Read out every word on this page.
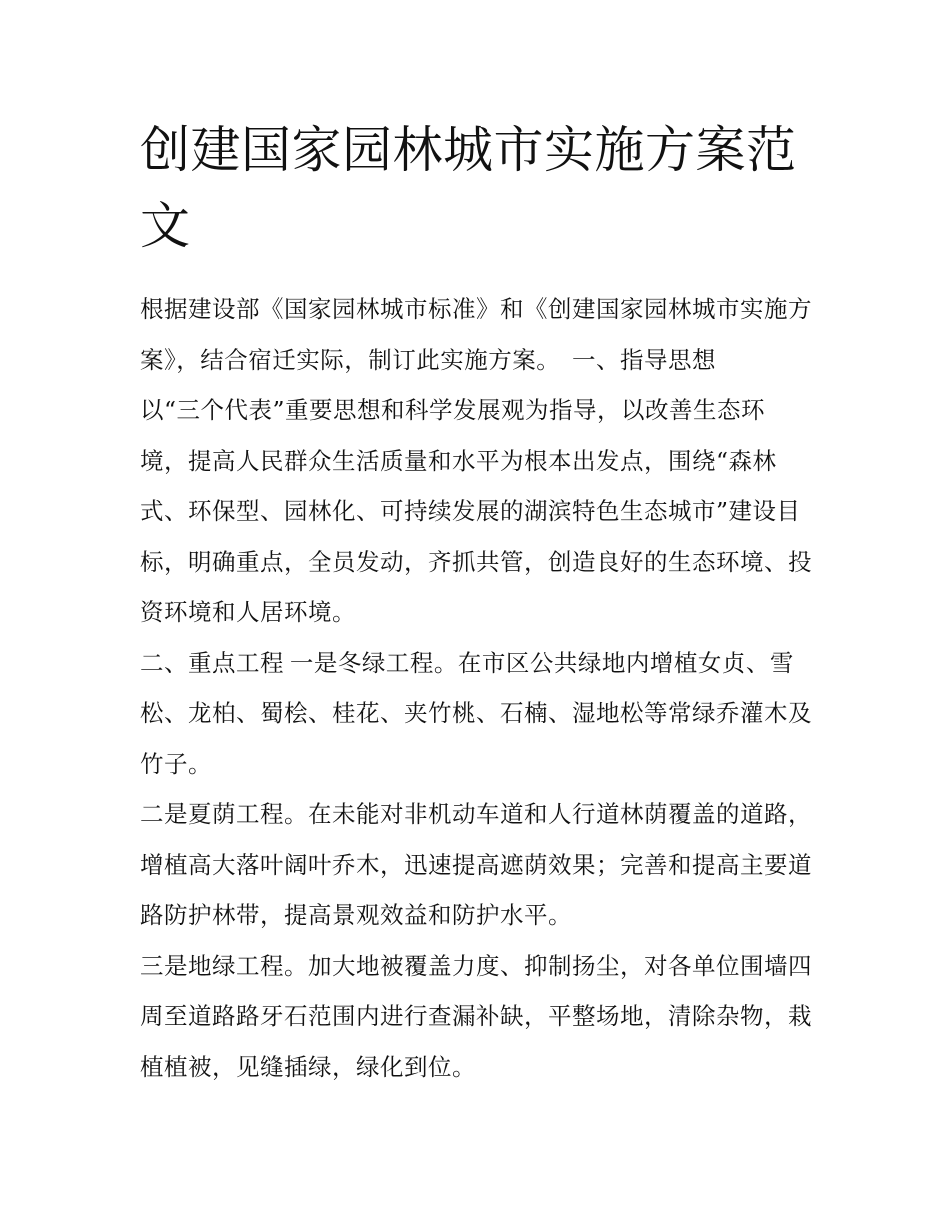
创建国家园林城市实施方案范文

根据建设部《国家园林城市标准》和《创建国家园林城市实施方案》，结合宿迁实际，制订此实施方案。 一、指导思想
以“三个代表”重要思想和科学发展观为指导，以改善生态环境，提高人民群众生活质量和水平为根本出发点，围绕“森林式、环保型、园林化、可持续发展的湖滨特色生态城市”建设目标，明确重点，全员发动，齐抓共管，创造良好的生态环境、投资环境和人居环境。

二、重点工程 一是冬绿工程。在市区公共绿地内增植女贞、雪松、龙柏、蜀桧、桂花、夹竹桃、石楠、湿地松等常绿乔灌木及竹子。

二是夏荫工程。在未能对非机动车道和人行道林荫覆盖的道路，增植高大落叶阔叶乔木，迅速提高遮荫效果；完善和提高主要道路防护林带，提高景观效益和防护水平。

三是地绿工程。加大地被覆盖力度、抑制扬尘，对各单位围墙四周至道路路牙石范围内进行查漏补缺，平整场地，清除杂物，栽植植被，见缝插绿，绿化到位。
